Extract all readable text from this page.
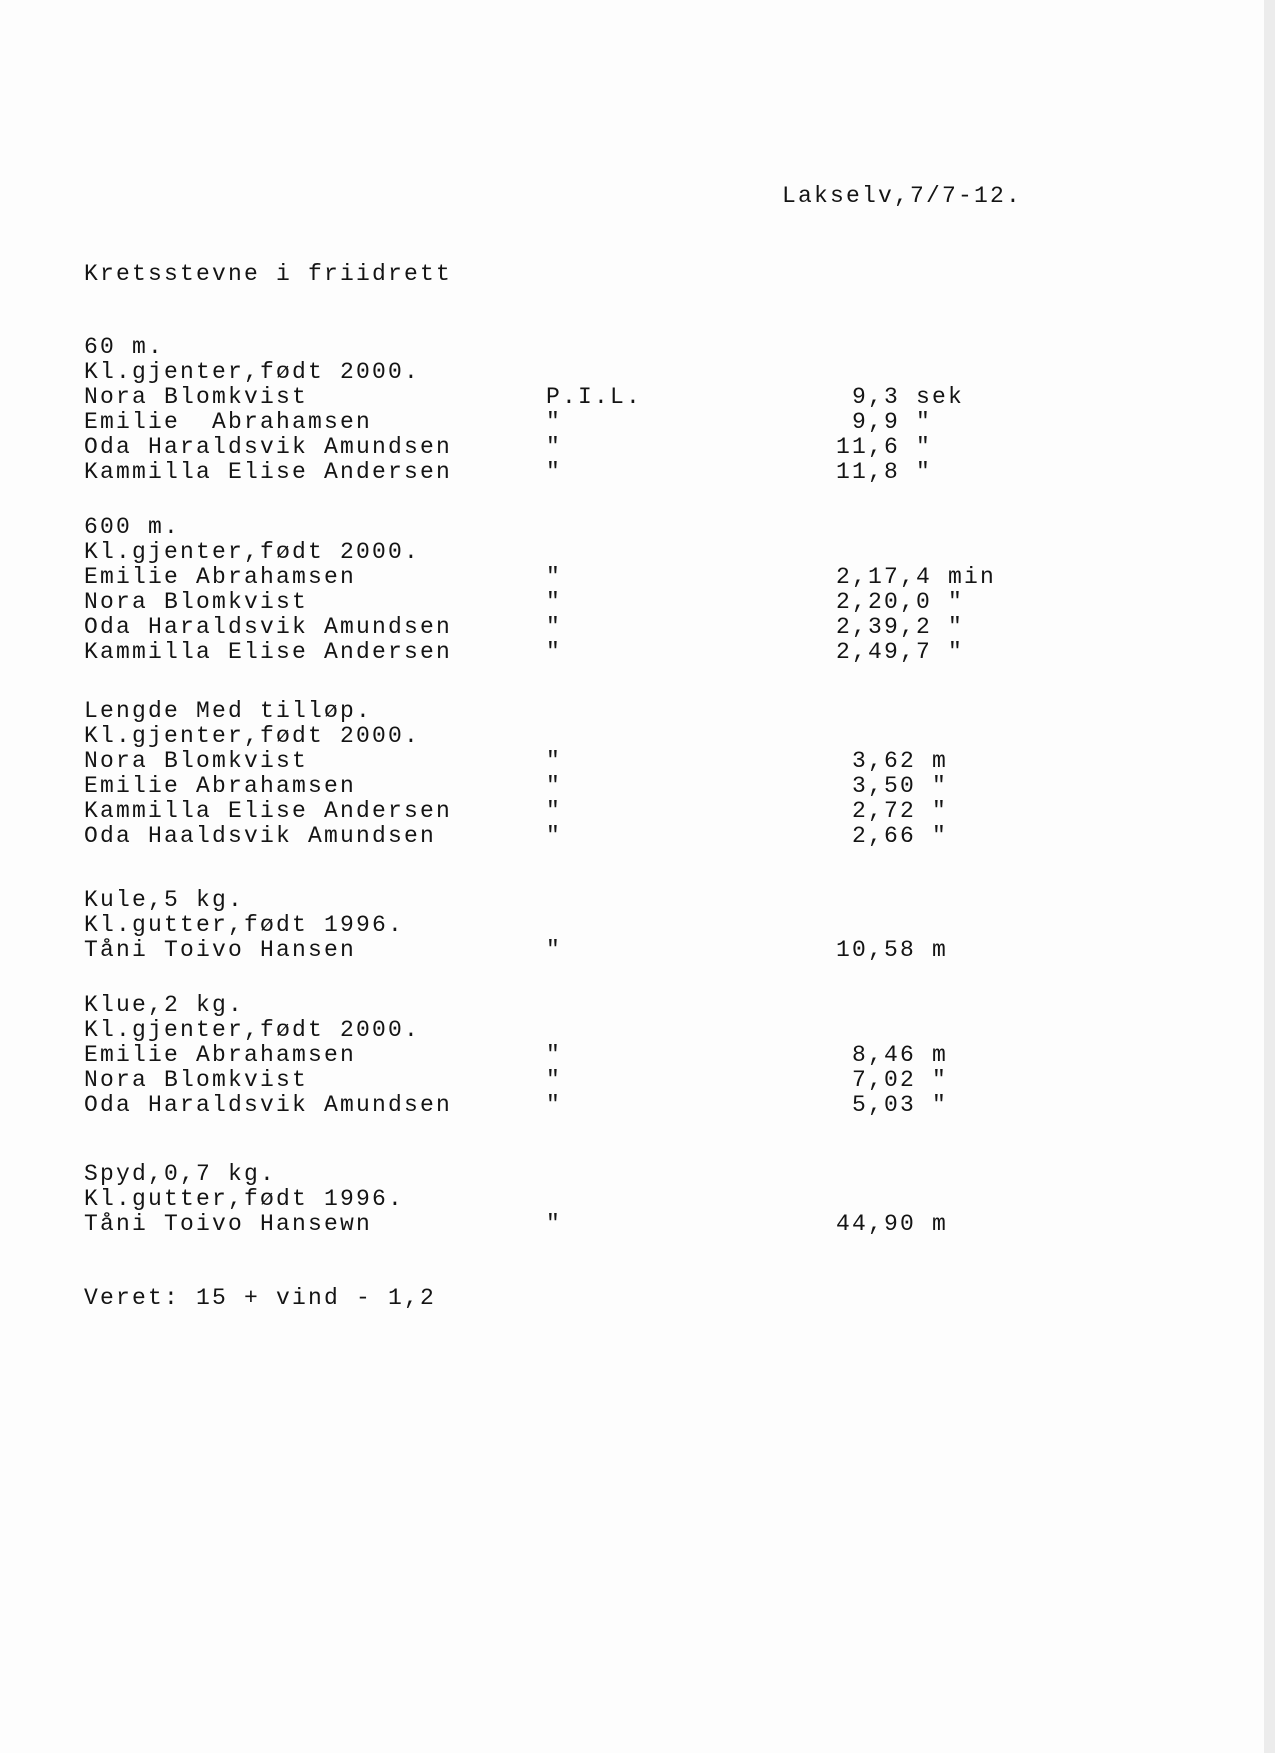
Lakselv,7/7-12.
Kretsstevne i friidrett
60 m.
Kl.gjenter,født 2000.
Nora Blomkvist	P.I.L.	9,3 sek
Emilie  Abrahamsen	"	9,9 "
Oda Haraldsvik Amundsen	"	11,6 "
Kammilla Elise Andersen	"	11,8 "
600 m.
Kl.gjenter,født 2000.
Emilie Abrahamsen	"	2,17,4 min
Nora Blomkvist	"	2,20,0 "
Oda Haraldsvik Amundsen	"	2,39,2 "
Kammilla Elise Andersen	"	2,49,7 "
Lengde Med tilløp.
Kl.gjenter,født 2000.
Nora Blomkvist	"	3,62 m
Emilie Abrahamsen	"	3,50 "
Kammilla Elise Andersen	"	2,72 "
Oda Haaldsvik Amundsen	"	2,66 "
Kule,5 kg.
Kl.gutter,født 1996.
Tåni Toivo Hansen	"	10,58 m
Klue,2 kg.
Kl.gjenter,født 2000.
Emilie Abrahamsen	"	8,46 m
Nora Blomkvist	"	7,02 "
Oda Haraldsvik Amundsen	"	5,03 "
Spyd,0,7 kg.
Kl.gutter,født 1996.
Tåni Toivo Hansewn	"	44,90 m
Veret: 15 + vind - 1,2
